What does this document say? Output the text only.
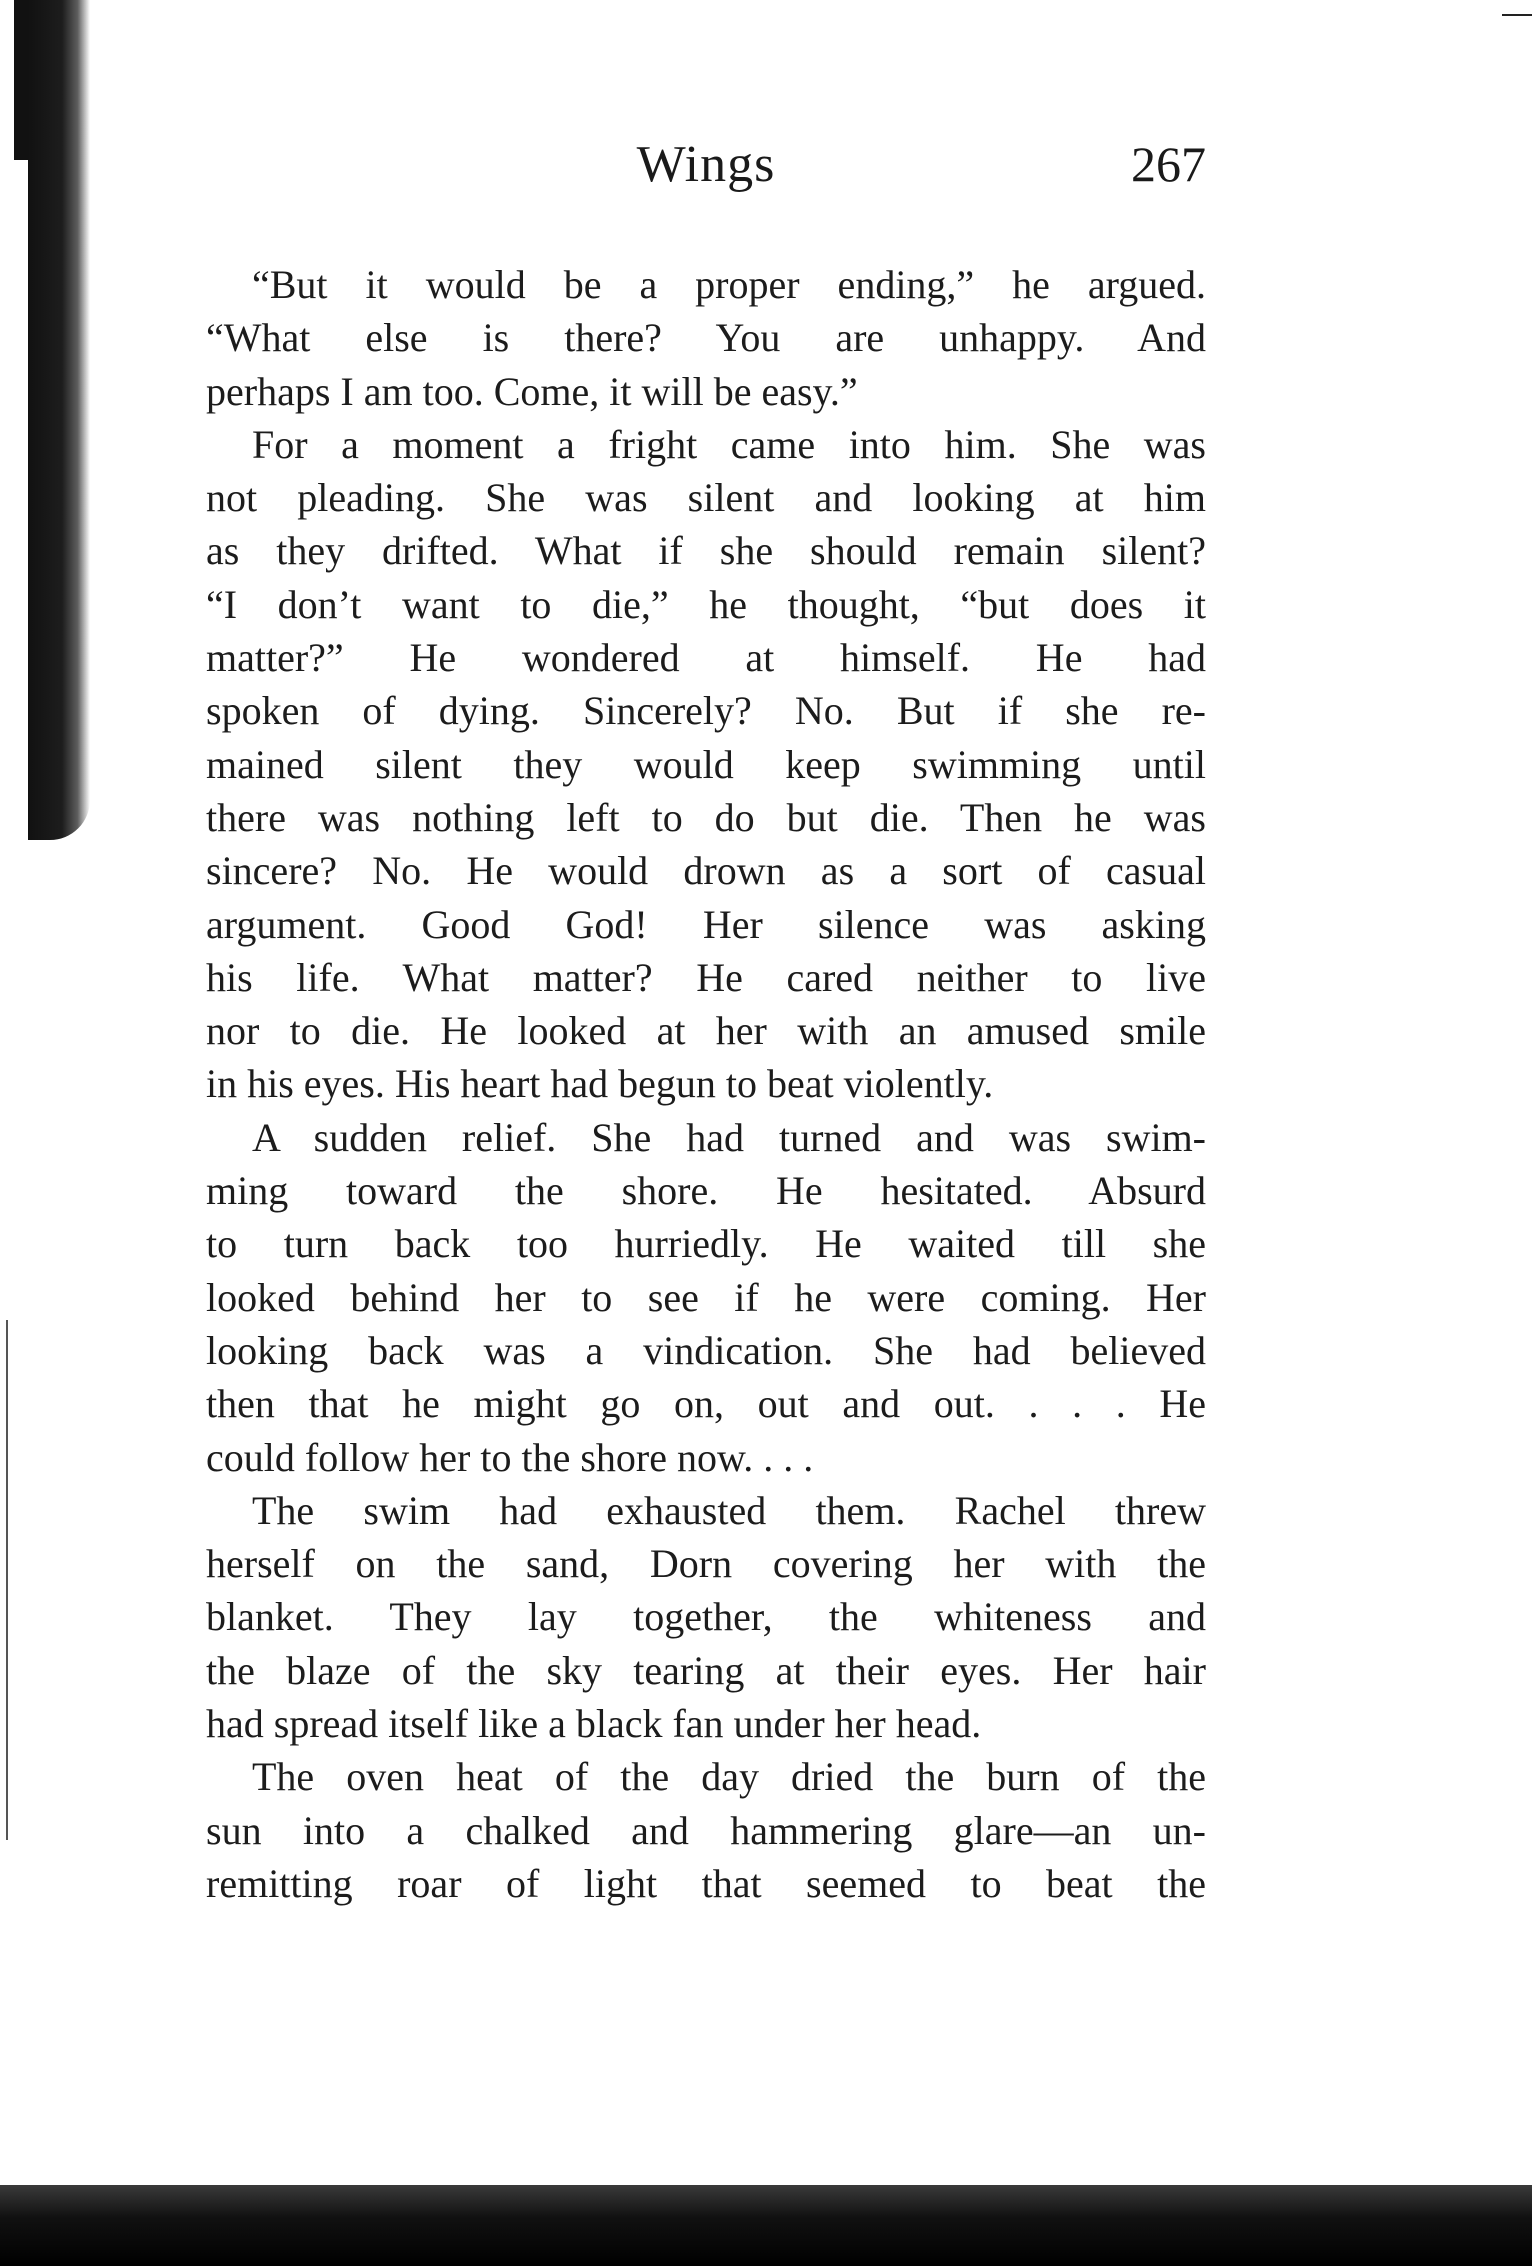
Wings	267
“But it would be a proper ending,” he argued.
“What else is there? You are unhappy. And
perhaps I am too. Come, it will be easy.”
For a moment a fright came into him. She was
not pleading. She was silent and looking at him
as they drifted. What if she should remain silent?
“I don’t want to die,” he thought, “but does it
matter?” He wondered at himself. He had
spoken of dying. Sincerely? No. But if she re-
mained silent they would keep swimming until
there was nothing left to do but die. Then he was
sincere? No. He would drown as a sort of casual
argument. Good God! Her silence was asking
his life. What matter? He cared neither to live
nor to die. He looked at her with an amused smile
in his eyes. His heart had begun to beat violently.
A sudden relief. She had turned and was swim-
ming toward the shore. He hesitated. Absurd
to turn back too hurriedly. He waited till she
looked behind her to see if he were coming. Her
looking back was a vindication. She had believed
then that he might go on, out and out. . . . He
could follow her to the shore now. . . .
The swim had exhausted them. Rachel threw
herself on the sand, Dorn covering her with the
blanket. They lay together, the whiteness and
the blaze of the sky tearing at their eyes. Her hair
had spread itself like a black fan under her head.
The oven heat of the day dried the burn of the
sun into a chalked and hammering glare—an un-
remitting roar of light that seemed to beat the
